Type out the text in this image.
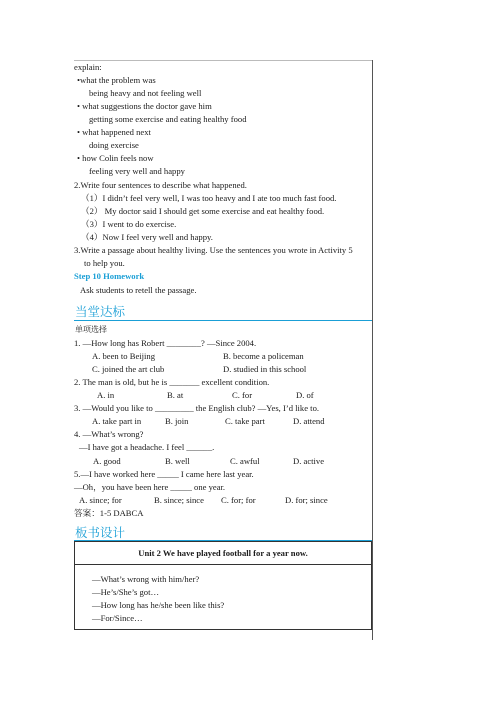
explain:
•what the problem was
being heavy and not feeling well
• what suggestions the doctor gave him
getting some exercise and eating healthy food
• what happened next
doing exercise
• how Colin feels now
feeling very well and happy
2.Write four sentences to describe what happened.
（1）I didn’t feel very well, I was too heavy and I ate too much fast food.
（2） My doctor said I should get some exercise and eat healthy food.
（3）I went to do exercise.
（4）Now I feel very well and happy.
3.Write a passage about healthy living. Use the sentences you wrote in Activity 5
to help you.
Step 10 Homework
Ask students to retell the passage.
当堂达标
单项选择
1. —How long has Robert ________? —Since 2004.
A. been to Beijing	B. become a policeman
C. joined the art club	D. studied in this school
2. The man is old, but he is _______ excellent condition.
A. in	B. at	C. for	D. of
3. —Would you like to _________ the English club? —Yes, I’d like to.
A. take part in	B. join	C. take part	D. attend
4. —What’s wrong?
—I have got a headache. I feel ______.
A. good	B. well	C. awful	D. active
5.—I have worked here _____ I came here last year.
—Oh，you have been here _____ one year.
A. since; for	B. since; since C. for; for	D. for; since
答案：1-5 DABCA
板书设计
Unit 2 We have played football for a year now.
—What’s wrong with him/her?
—He’s/She’s got…
—How long has he/she been like this?
—For/Since…
